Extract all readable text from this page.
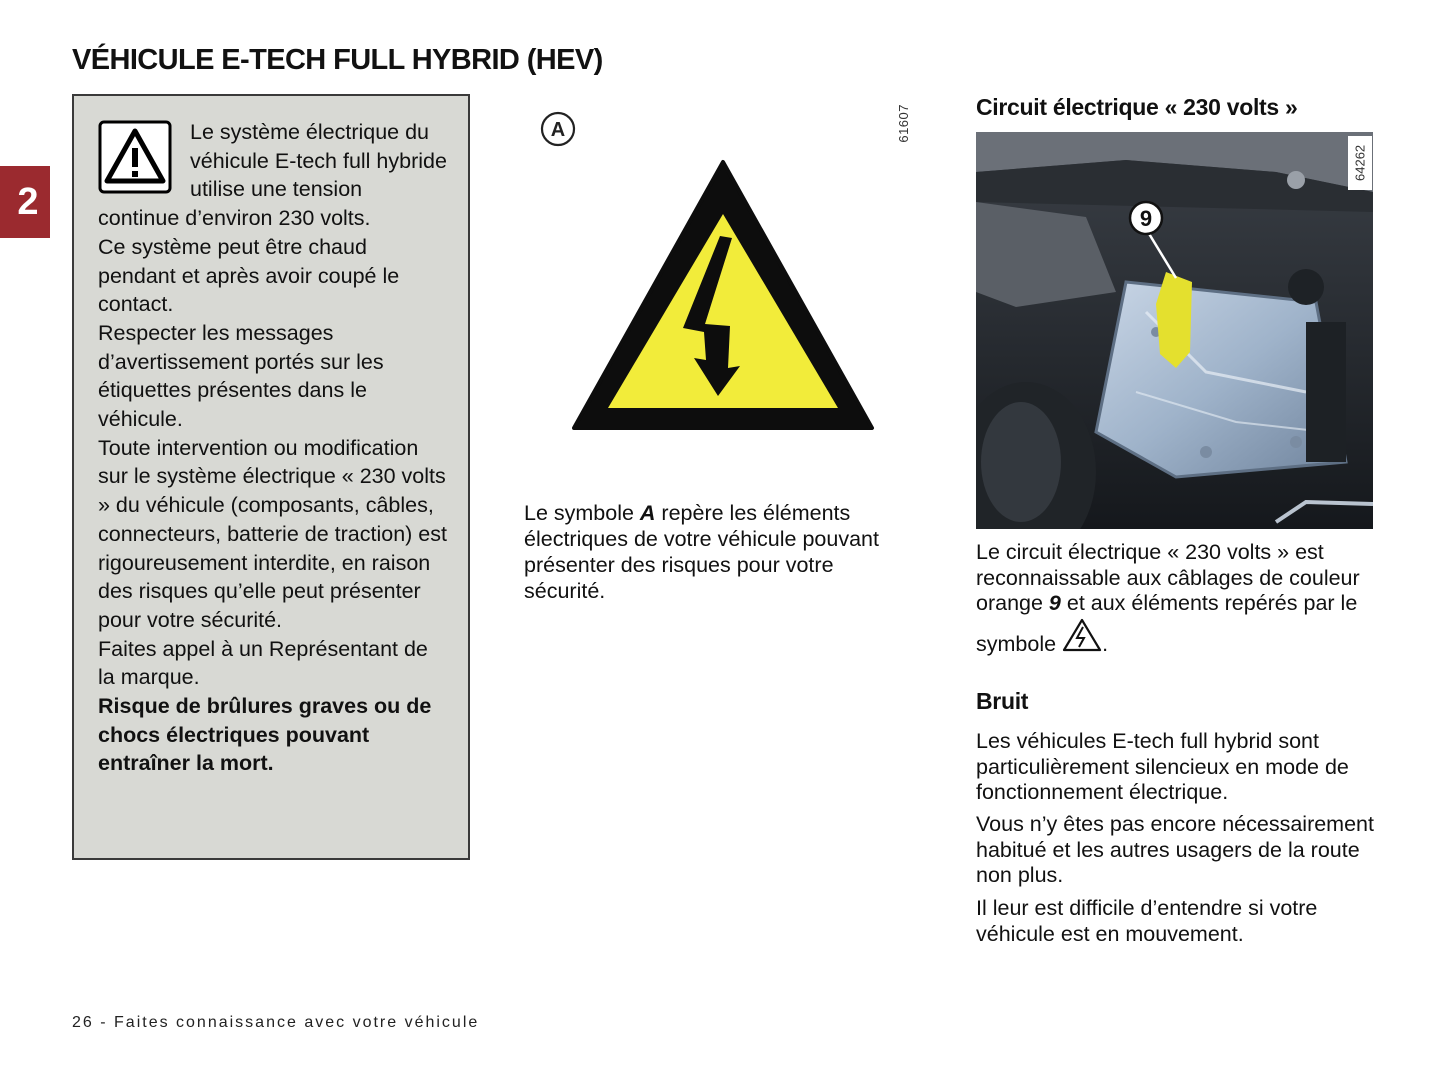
VÉHICULE E-TECH FULL HYBRID (HEV)
2

Le système électrique du véhicule E-tech full hybride utilise une tension continue d’environ 230 volts.

Ce système peut être chaud pendant et après avoir coupé le contact.

Respecter les messages d’avertissement portés sur les étiquettes présentes dans le véhicule.

Toute intervention ou modification sur le système électrique « 230 volts » du véhicule (composants, câbles, connecteurs, batterie de traction) est rigoureusement interdite, en raison des risques qu’elle peut présenter pour votre sécurité.

Faites appel à un Représentant de la marque.

Risque de brûlures graves ou de chocs électriques pouvant entraîner la mort.

61607
A

Le symbole A repère les éléments électriques de votre véhicule pouvant présenter des risques pour votre sécurité.

Circuit électrique « 230 volts »
9
64262

Le circuit électrique « 230 volts » est reconnaissable aux câblages de couleur orange 9 et aux éléments repérés par le symbole .

Bruit

Les véhicules E-tech full hybrid sont particulièrement silencieux en mode de fonctionnement électrique.

Vous n’y êtes pas encore nécessairement habitué et les autres usagers de la route non plus.

Il leur est difficile d’entendre si votre véhicule est en mouvement.

26 - Faites connaissance avec votre véhicule
